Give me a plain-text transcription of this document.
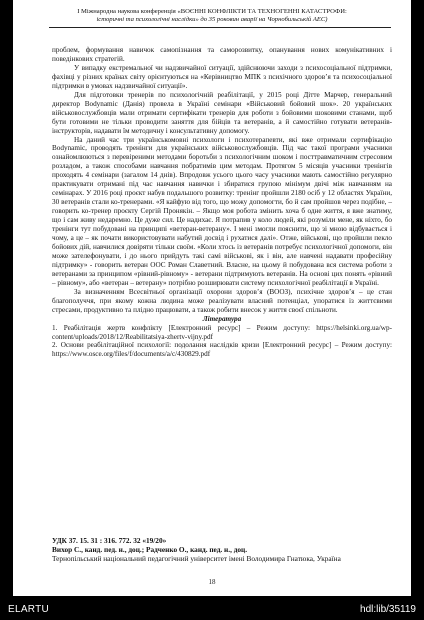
І Міжнародна наукова конференція «ВОЄННІ КОНФЛІКТИ ТА ТЕХНОГЕННІ КАТАСТРОФИ:
історичні та психологічні наслідки» до 35 роковин аварії на Чорнобильській АЕС)

проблем, формування навичок самопізнання та саморозвитку, опанування нових комунікативних і поведінкових стратегій.

У випадку екстремальної чи надзвичайної ситуації, здійснюючи заходи з психосоціальної підтримки, фахівці у різних країнах світу орієнтуються на «Керівництво МПК з психічного здоров’я та психосоціальної підтримки в умовах надзвичайної ситуації».

Для підготовки тренерів по психологічній реабілітації, у 2015 році Дітте Марчер, генеральний директор Bodynamic (Данія) провела в Україні семінари «Військовий бойовий шок». 20 українських військовослужбовців мали отримати сертифікати тренерів для роботи з бойовими шоковими станами, щоб бути готовими не тільки проводити заняття для бійців та ветеранів, а й самостійно готувати ветеранів-інструкторів, надавати їм методичну і консультативну допомогу.

На даний час три українськомовні психологи і психотерапевти, які вже отримали сертифікацію Bodynamic, проводять тренінги для українських військовослужбовців. Під час такої програми учасники ознайомлюються з перевіреними методами боротьби з психологічним шоком і посттравматичним стресовим розладом, а також способами навчання побратимів цим методам. Протягом 5 місяців учасники тренінгів проходять 4 семінари (загалом 14 днів). Впродовж усього цього часу учасники мають самостійно регулярно практикувати отримані під час навчання навички і збиратися групою мінімум двічі між навчанням на семінарах. У 2016 році проєкт набув подальшого розвитку: тренінг пройшли 2180 осіб у 12 областях України, 30 ветеранів стали ко-тренерами. «Я кайфую від того, що можу допомогти, бо й сам пройшов через подібне, – говорить ко-тренер проєкту Сергій Пронякін. – Якщо моя робота змінить хоча б одне життя, я вже знатиму, що і сам живу недаремно. Це дуже сил. Це надихає. Я потрапив у коло людей, які розуміли мене, як ніхто, бо тренінги тут побудовані на принципі «ветеран-ветерану». І мені змогли пояснити, що зі мною відбувається і чому, а це – як почати використовувати набутий досвід і рухатися далі». Отже, військові, що пройшли пекло бойових дій, навчилися довіряти тільки своїм. «Коли хтось із ветеранів потребує психологічної допомоги, він може зателефонувати, і до нього прийдуть такі самі військові, як і він, але навчені надавати професійну підтримку» - говорить ветеран ООС Роман Славетний. Власне, на цьому й побудована вся система роботи з ветеранами за принципом «рівний-рівному» - ветерани підтримують ветеранів. На основі цих понять «рівний – рівному», або «ветеран – ветерану» потрібно розширювати систему психологічної реабілітації в Україні.

За визначенням Всесвітньої організації охорони здоров’я (ВООЗ), психічне здоров’я – це стан благополуччя, при якому кожна людина може реалізувати власний потенціал, упоратися із життєвими стресами, продуктивно та плідно працювати, а також робити внесок у життя своєї спільноти.

Література

1. Реабілітація жертв конфлікту [Електронний ресурс] – Режим доступу: https://helsinki.org.ua/wp-content/uploads/2018/12/Reabilitatsiya-zhertv-vijny.pdf

2. Основи реабілітаційної психології: подолання наслідків кризи [Електронний ресурс] – Режим доступу: https://www.osce.org/files/f/documents/a/c/430829.pdf

УДК 37. 15. 31 : 316. 772. 32 «19/20»
Вихор С., канд. пед. н., доц.; Радченко О., канд. пед. н., доц.
Тернопільський національний педагогічний університет імені Володимира Гнатюка, Україна
18
ELARTU	hdl:lib/35119
